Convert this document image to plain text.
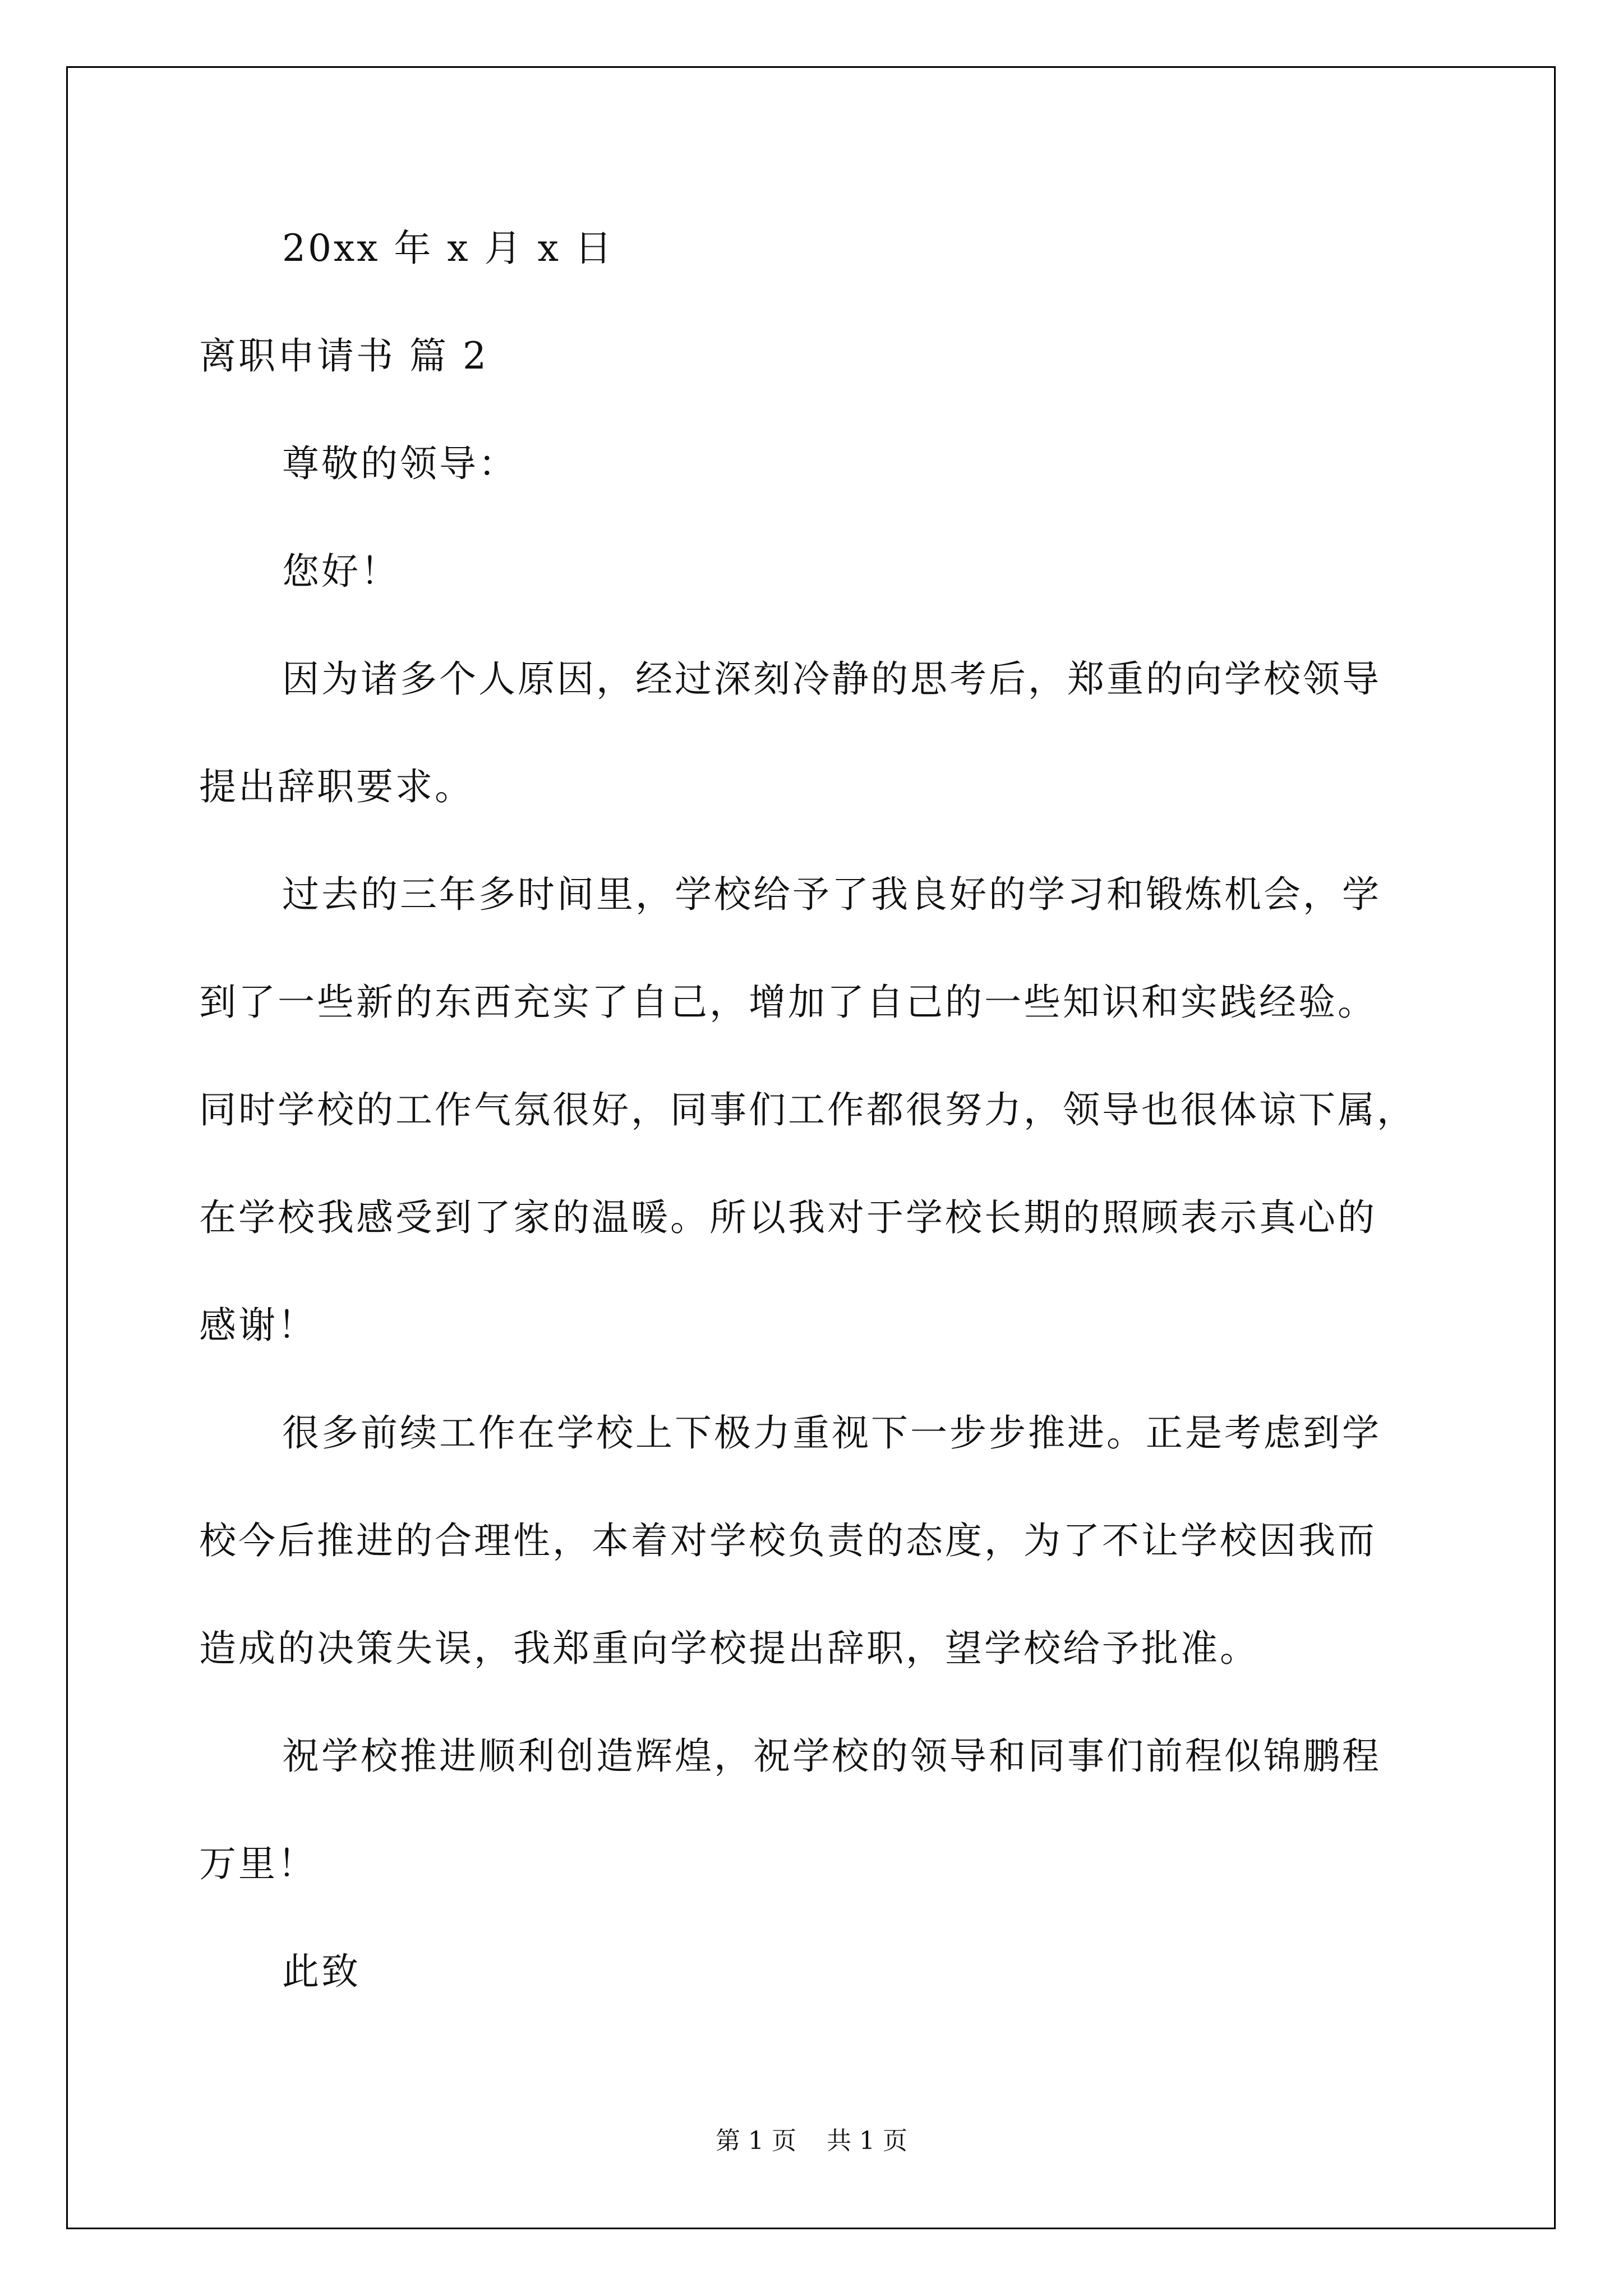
20xx 年 x 月 x 日
离职申请书 篇 2
尊敬的领导：
您好！
因为诸多个人原因，经过深刻冷静的思考后，郑重的向学校领导
提出辞职要求。
过去的三年多时间里，学校给予了我良好的学习和锻炼机会，学
到了一些新的东西充实了自己，增加了自己的一些知识和实践经验。
同时学校的工作气氛很好，同事们工作都很努力，领导也很体谅下属，
在学校我感受到了家的温暖。所以我对于学校长期的照顾表示真心的
感谢！
很多前续工作在学校上下极力重视下一步步推进。正是考虑到学
校今后推进的合理性，本着对学校负责的态度，为了不让学校因我而
造成的决策失误，我郑重向学校提出辞职，望学校给予批准。
祝学校推进顺利创造辉煌，祝学校的领导和同事们前程似锦鹏程
万里！
此致
第 1 页 共 1 页
